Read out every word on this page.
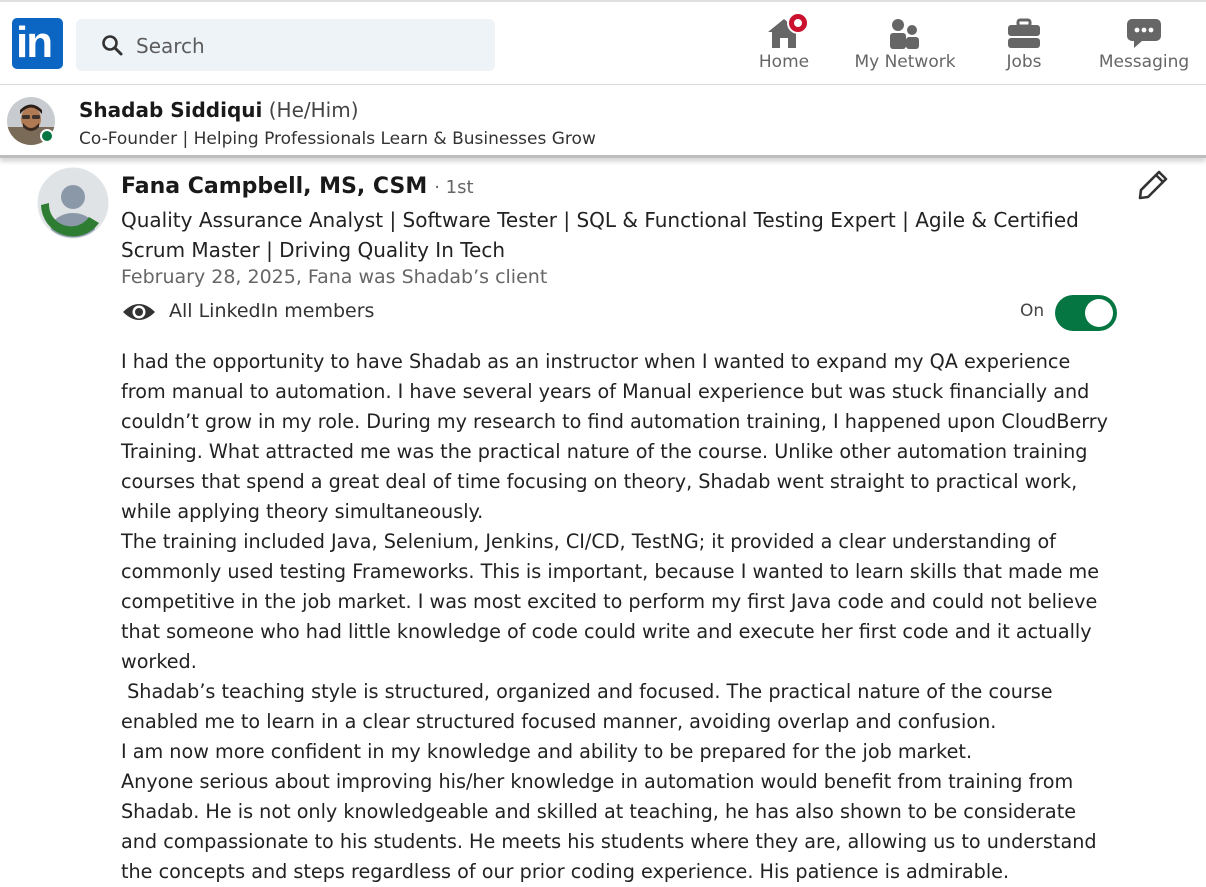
in
Search	Home	My Network	Jobs	Messaging
Shadab Siddiqui (He/Him)
Co-Founder | Helping Professionals Learn & Businesses Grow
Fana Campbell, MS, CSM · 1st
Quality Assurance Analyst | Software Tester | SQL & Functional Testing Expert | Agile & Certified Scrum Master | Driving Quality In Tech
February 28, 2025, Fana was Shadab’s client
All LinkedIn members	On

I had the opportunity to have Shadab as an instructor when I wanted to expand my QA experience from manual to automation. I have several years of Manual experience but was stuck financially and couldn’t grow in my role. During my research to find automation training, I happened upon CloudBerry Training. What attracted me was the practical nature of the course. Unlike other automation training courses that spend a great deal of time focusing on theory, Shadab went straight to practical work, while applying theory simultaneously.

The training included Java, Selenium, Jenkins, CI/CD, TestNG; it provided a clear understanding of commonly used testing Frameworks. This is important, because I wanted to learn skills that made me competitive in the job market. I was most excited to perform my first Java code and could not believe that someone who had little knowledge of code could write and execute her first code and it actually worked.

Shadab’s teaching style is structured, organized and focused. The practical nature of the course enabled me to learn in a clear structured focused manner, avoiding overlap and confusion.

I am now more confident in my knowledge and ability to be prepared for the job market.

Anyone serious about improving his/her knowledge in automation would benefit from training from Shadab. He is not only knowledgeable and skilled at teaching, he has also shown to be considerate and compassionate to his students. He meets his students where they are, allowing us to understand the concepts and steps regardless of our prior coding experience. His patience is admirable.
